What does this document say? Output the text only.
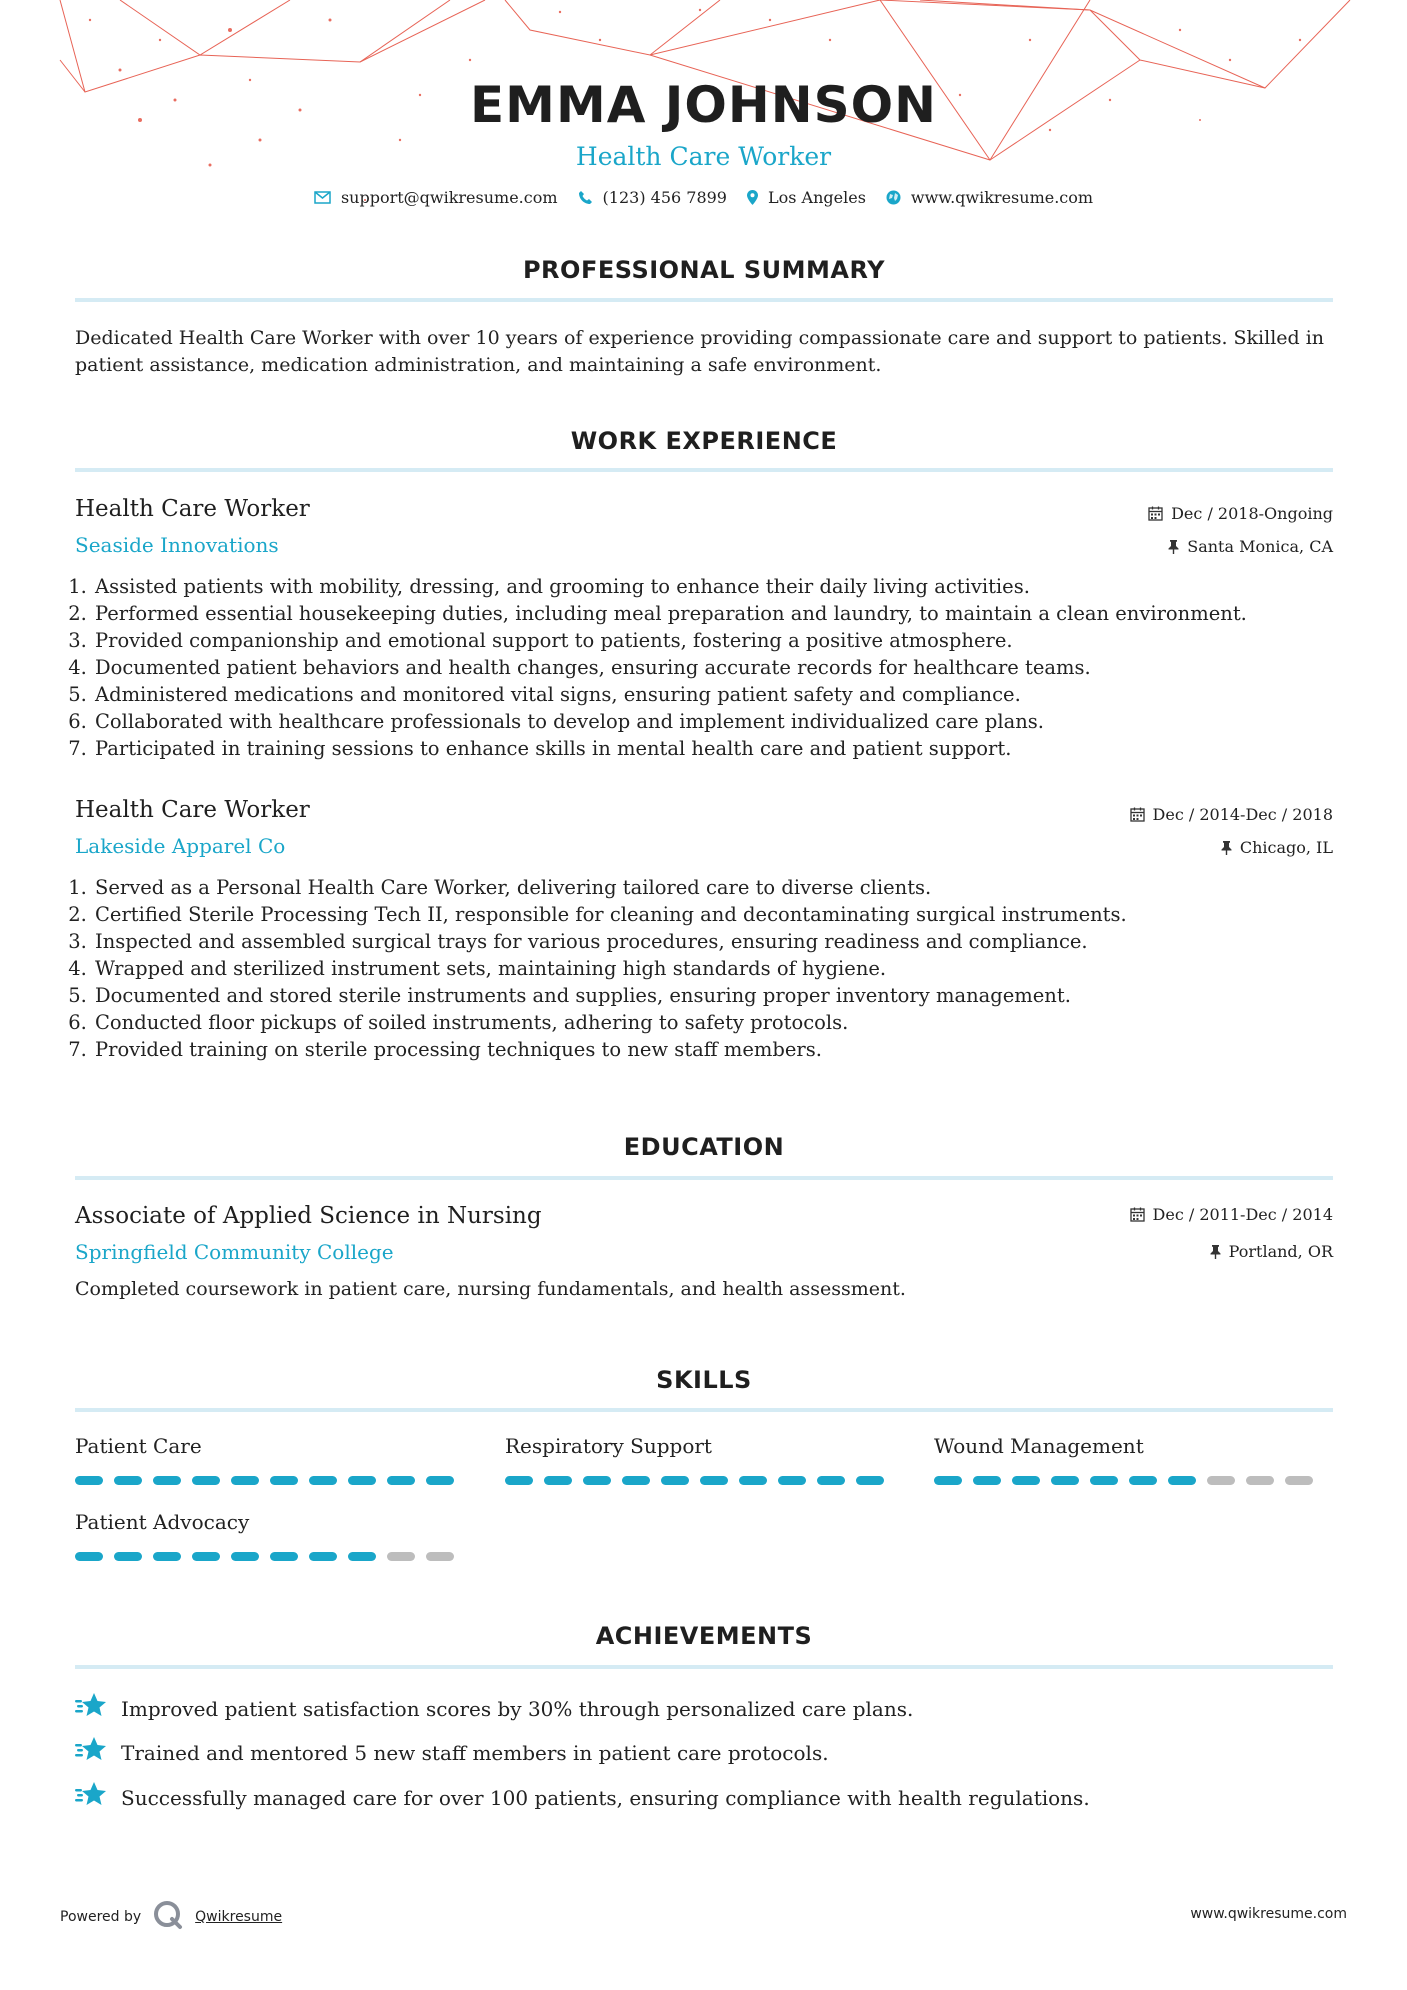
EMMA JOHNSON
Health Care Worker
support@qwikresume.com	(123) 456 7899	Los Angeles	www.qwikresume.com
PROFESSIONAL SUMMARY
Dedicated Health Care Worker with over 10 years of experience providing compassionate care and support to patients. Skilled in patient assistance, medication administration, and maintaining a safe environment.
WORK EXPERIENCE
Health Care Worker	Dec / 2018-Ongoing
Seaside Innovations	Santa Monica, CA
1. Assisted patients with mobility, dressing, and grooming to enhance their daily living activities.
2. Performed essential housekeeping duties, including meal preparation and laundry, to maintain a clean environment.
3. Provided companionship and emotional support to patients, fostering a positive atmosphere.
4. Documented patient behaviors and health changes, ensuring accurate records for healthcare teams.
5. Administered medications and monitored vital signs, ensuring patient safety and compliance.
6. Collaborated with healthcare professionals to develop and implement individualized care plans.
7. Participated in training sessions to enhance skills in mental health care and patient support.
Health Care Worker	Dec / 2014-Dec / 2018
Lakeside Apparel Co	Chicago, IL
1. Served as a Personal Health Care Worker, delivering tailored care to diverse clients.
2. Certified Sterile Processing Tech II, responsible for cleaning and decontaminating surgical instruments.
3. Inspected and assembled surgical trays for various procedures, ensuring readiness and compliance.
4. Wrapped and sterilized instrument sets, maintaining high standards of hygiene.
5. Documented and stored sterile instruments and supplies, ensuring proper inventory management.
6. Conducted floor pickups of soiled instruments, adhering to safety protocols.
7. Provided training on sterile processing techniques to new staff members.
EDUCATION
Associate of Applied Science in Nursing	Dec / 2011-Dec / 2014
Springfield Community College	Portland, OR
Completed coursework in patient care, nursing fundamentals, and health assessment.
SKILLS
Patient Care	Respiratory Support	Wound Management
Patient Advocacy
ACHIEVEMENTS
Improved patient satisfaction scores by 30% through personalized care plans.
Trained and mentored 5 new staff members in patient care protocols.
Successfully managed care for over 100 patients, ensuring compliance with health regulations.
Powered by	Qwikresume	www.qwikresume.com
